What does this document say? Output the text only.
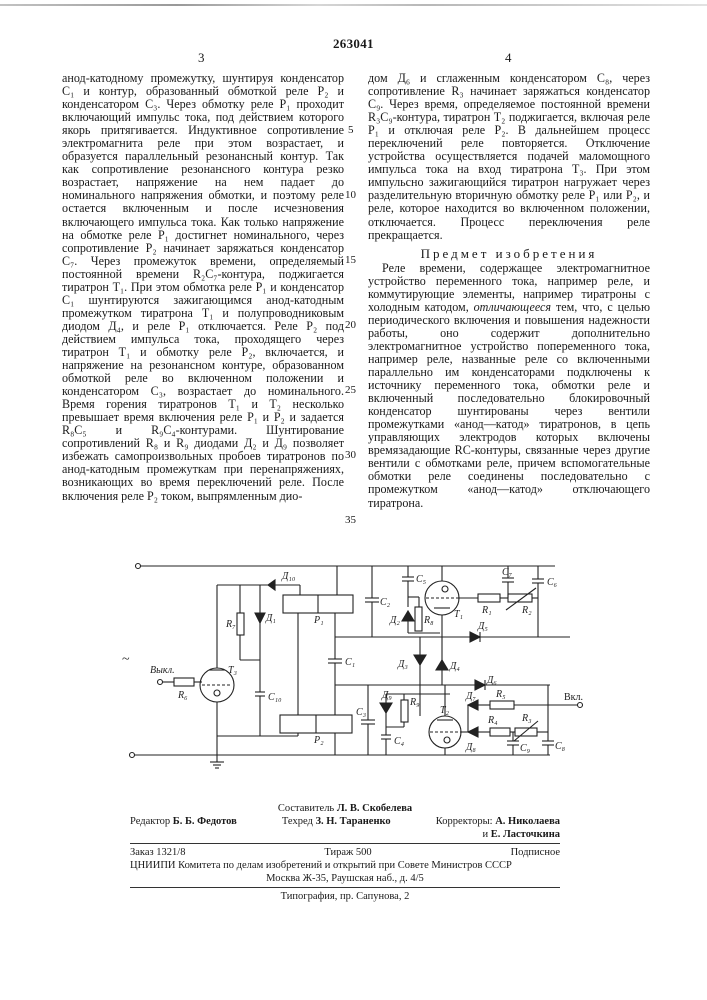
263041
3	4

анод-катодному промежутку, шунтируя конденсатор C₁ и контур, образованный обмоткой реле P₂ и конденсатором C₃. Через обмотку реле P₁ проходит включающий импульс тока, под действием которого якорь притягивается. Индуктивное сопротивление электромагнита реле при этом возрастает, и образуется параллельный резонансный контур. Так как сопротивление резонансного контура резко возрастает, напряжение на нем падает до номинального напряжения обмотки, и поэтому реле остается включенным и после исчезновения включающего импульса тока. Как только напряжение на обмотке реле P₁ достигнет номинального, через сопротивление P₂ начинает заряжаться конденсатор C₇. Через промежуток времени, определяемый постоянной времени R₂C₇-контура, поджигается тиратрон T₁. При этом обмотка реле P₁ и конденсатор C₁ шунтируются зажигающимся анод-катодным промежутком тиратрона T₁ и полупроводниковым диодом Д₄, и реле P₁ отключается. Реле P₂ под действием импульса тока, проходящего через тиратрон T₁ и обмотку реле P₂, включается, и напряжение на резонансном контуре, образованном обмоткой реле во включенном положении и конденсатором C₃, возрастает до номинального. Время горения тиратронов T₁ и T₂ несколько превышает время включения реле P₁ и P₂ и задается R₈C₅ и R₉C₄-контурами. Шунтирование сопротивлений R₈ и R₉ диодами Д₂ и Д₉ позволяет избежать самопроизвольных пробоев тиратронов по анод-катодным промежуткам при перенапряжениях, возникающих во время переключений реле. После включения реле P₂ током, выпрямленным дио-

5
10
15
20
25
30
35

дом Д₆ и сглаженным конденсатором C₈, через сопротивление R₃ начинает заряжаться конденсатор C₉. Через время, определяемое постоянной времени R₃C₉-контура, тиратрон T₂ поджигается, включая реле P₁ и отключая реле P₂. В дальнейшем процесс переключений реле повторяется. Отключение устройства осуществляется подачей маломощного импульса тока на вход тиратрона T₃. При этом импульсно зажигающийся тиратрон нагружает через разделительную вторичную обмотку реле P₁ или P₂, и реле, которое находится во включенном положении, отключается. Процесс переключения реле прекращается.

Предмет изобретения

Реле времени, содержащее электромагнитное устройство переменного тока, например реле, и коммутирующие элементы, например тиратроны с холодным катодом, отличающееся тем, что, с целью периодического включения и повышения надежности работы, оно содержит дополнительно электромагнитное устройство попеременного тока, например реле, названные реле со включенными параллельно им конденсаторами подключены к источнику переменного тока, обмотки реле и включенный последовательно блокировочный конденсатор шунтированы через вентили промежутками «анод—катод» тиратронов, в цепь управляющих электродов которых включены времязадающие RC-контуры, связанные через другие вентили с обмотками реле, причем вспомогательные обмотки реле соединены последовательно с промежутком «анод—катод» отключающего тиратрона.

~
Выкл.
R₆
T₃
R₇
Д₁
C₁₀
Д₁₀
P₁
P₂
C₁
C₂
C₃
C₄
C₅	C₆
C₇
C₈
C₉
Д₂ R₈
T₁ R₁	R₂
Д₅
Д₃	Д₄
Д₆
Д₉
R₉
T₂
Д₇ R₅	Вкл.
R₄ R₃
Д₈
Составитель Л. В. Скобелева
Редактор Б. Б. Федотов	Техред З. Н. Тараненко	Корректоры: А. Николаева
и Е. Ласточкина
Заказ 1321/8	Тираж 500	Подписное
ЦНИИПИ Комитета по делам изобретений и открытий при Совете Министров СССР
Москва Ж-35, Раушская наб., д. 4/5
Типография, пр. Сапунова, 2
